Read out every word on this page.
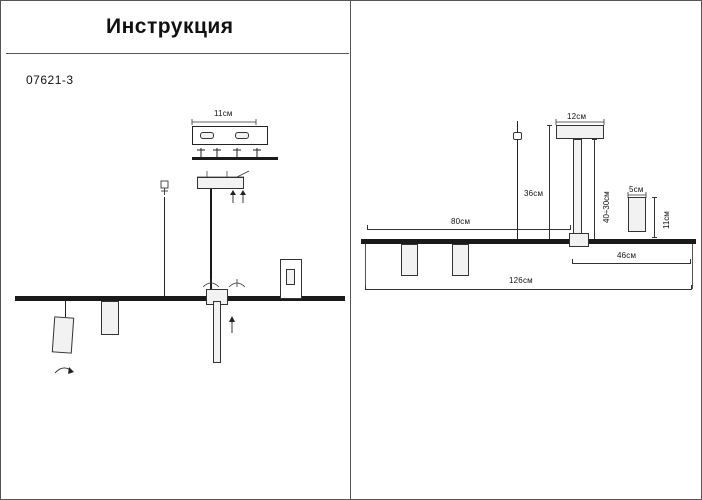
Инструкция
07621-3
11см	12см
36см	40÷30см
5см
11см
80см
46см
126см
